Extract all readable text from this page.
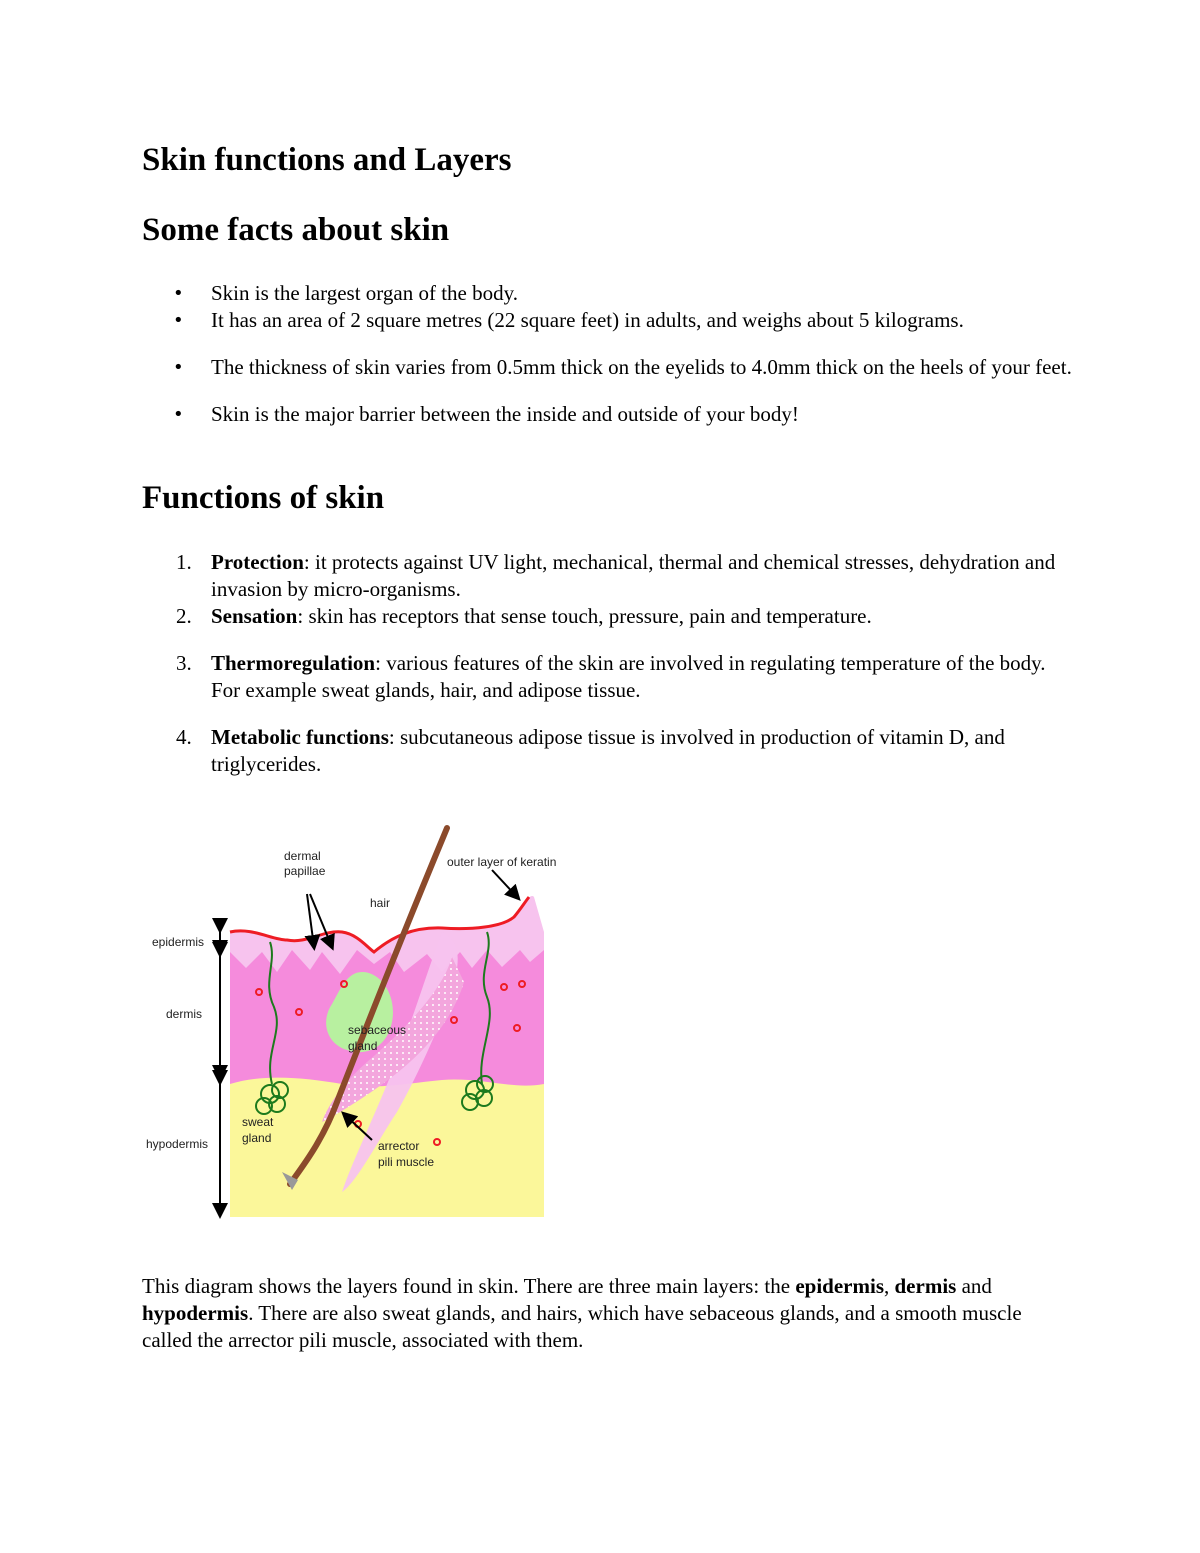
Skin functions and Layers
Some facts about skin
• Skin is the largest organ of the body.
• It has an area of 2 square metres (22 square feet) in adults, and weighs about 5 kilograms.
• The thickness of skin varies from 0.5mm thick on the eyelids to 4.0mm thick on the heels of your feet.
• Skin is the major barrier between the inside and outside of your body!
Functions of skin
1. Protection: it protects against UV light, mechanical, thermal and chemical stresses, dehydration and invasion by micro-organisms.
2. Sensation: skin has receptors that sense touch, pressure, pain and temperature.
3. Thermoregulation: various features of the skin are involved in regulating temperature of the body. For example sweat glands, hair, and adipose tissue.
4. Metabolic functions: subcutaneous adipose tissue is involved in production of vitamin D, and triglycerides.
dermal
papillae
outer layer of keratin
hair
epidermis
dermis
hypodermis
sebaceous
gland
sweat
gland
arrector
pili muscle

This diagram shows the layers found in skin. There are three main layers: the epidermis, dermis and hypodermis. There are also sweat glands, and hairs, which have sebaceous glands, and a smooth muscle called the arrector pili muscle, associated with them.
